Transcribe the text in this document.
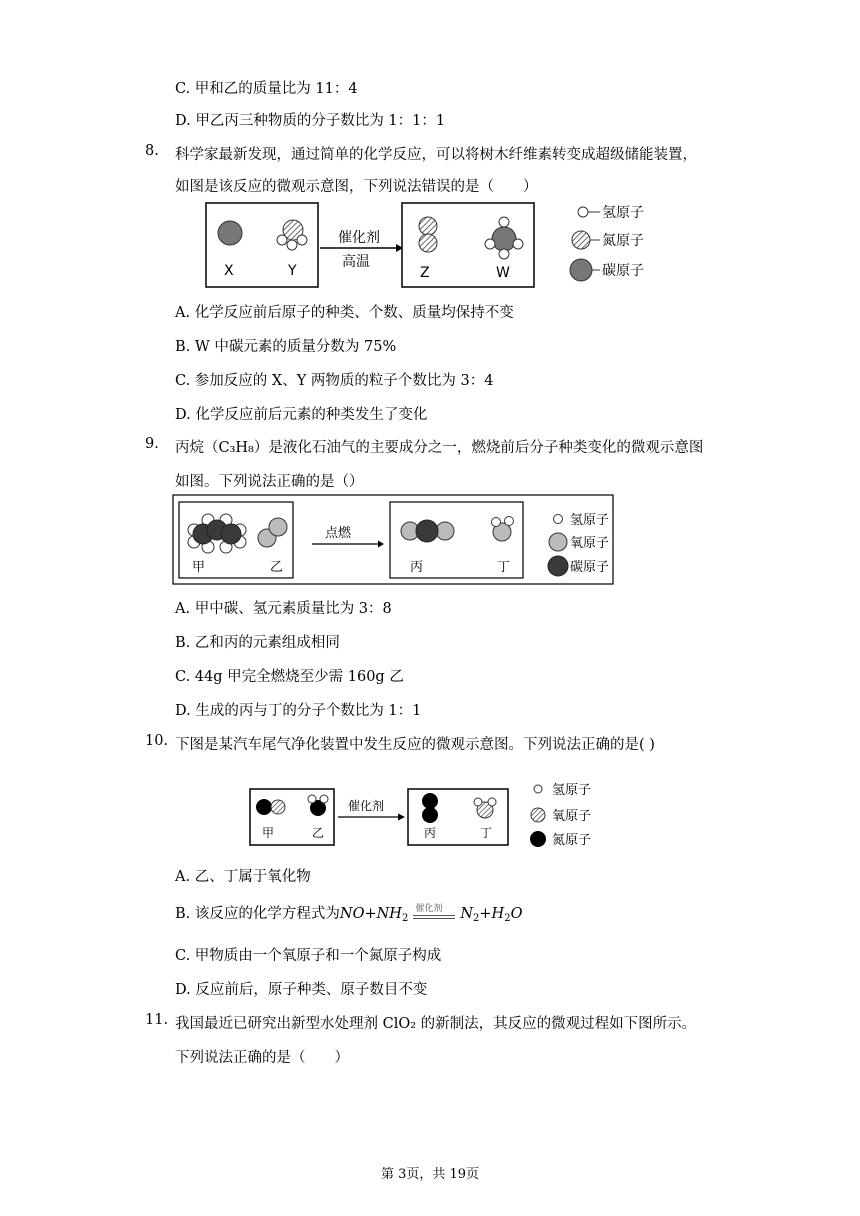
C. 甲和乙的质量比为 11：4
D. 甲乙丙三种物质的分子数比为 1：1：1
8. 科学家最新发现，通过简单的化学反应，可以将树木纤维素转变成超级储能装置，
如图是该反应的微观示意图，下列说法错误的是（　　）
X	Y
催化剂
高温
Z	W
氢原子
氮原子
碳原子
A. 化学反应前后原子的种类、个数、质量均保持不变
B. W 中碳元素的质量分数为 75%
C. 参加反应的 X、Y 两物质的粒子个数比为 3：4
D. 化学反应前后元素的种类发生了变化
9. 丙烷（C₃H₈）是液化石油气的主要成分之一，燃烧前后分子种类变化的微观示意图
如图。下列说法正确的是（）
甲	乙
点燃
丙	丁
氢原子
氧原子
碳原子
A. 甲中碳、氢元素质量比为 3：8
B. 乙和丙的元素组成相同
C. 44g 甲完全燃烧至少需 160g 乙
D. 生成的丙与丁的分子个数比为 1：1
10. 下图是某汽车尾气净化装置中发生反应的微观示意图。下列说法正确的是( )
甲	乙
催化剂
丙	丁
氢原子
氧原子
氮原子
A. 乙、丁属于氧化物
B. 该反应的化学方程式为$NO+NH_2$
催化剂 $N_2+H_2O$
C. 甲物质由一个氧原子和一个氮原子构成
D. 反应前后，原子种类、原子数目不变
11. 我国最近已研究出新型水处理剂 ClO₂ 的新制法，其反应的微观过程如下图所示。
下列说法正确的是（　　）
第 3页，共 19页
